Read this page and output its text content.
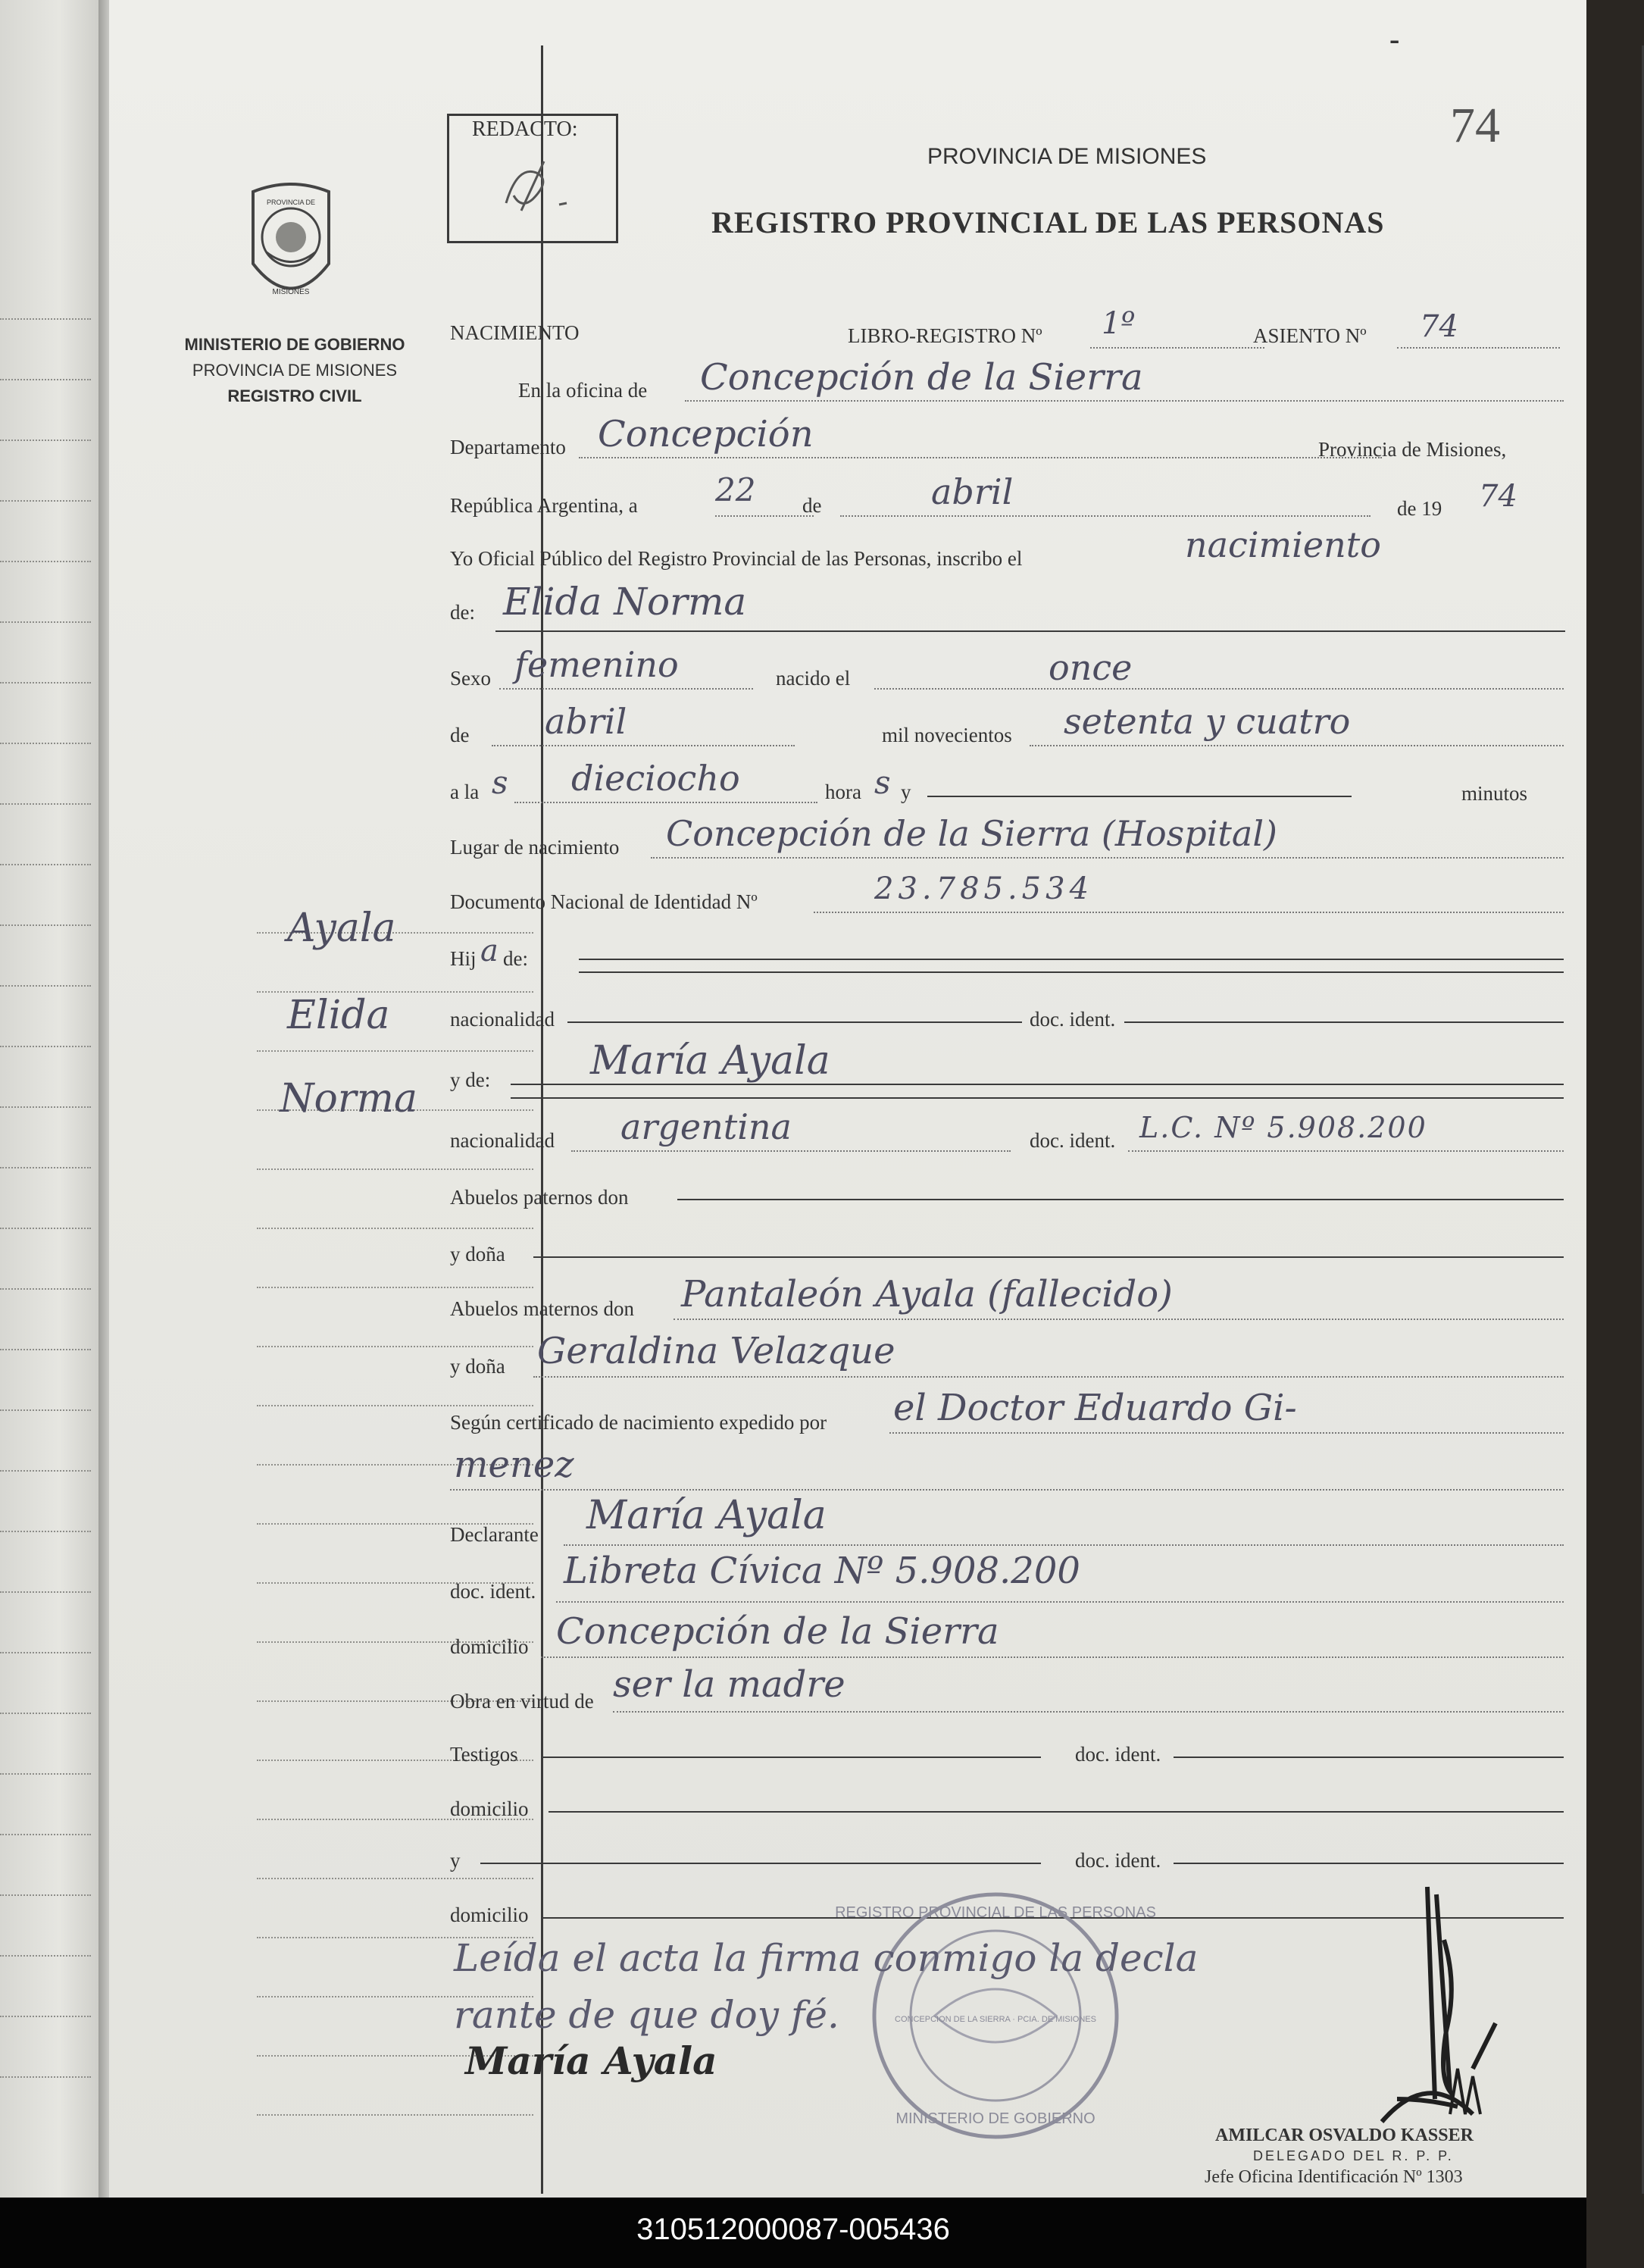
PROVINCIA DE
MISIONES
MINISTERIO DE GOBIERNO
PROVINCIA DE MISIONES
REGISTRO CIVIL
Ayala
Elida
Norma
REDACTO:
-
74
PROVINCIA DE MISIONES
REGISTRO PROVINCIAL DE LAS PERSONAS
NACIMIENTO	LIBRO-REGISTRO Nº 1º	ASIENTO Nº 74
En la oficina de Concepción de la Sierra
Departamento Concepción	Provincia de Misiones,
República Argentina, a 22 de	abril	de 19 74
Yo Oficial Público del Registro Provincial de las Personas, inscribo el	nacimiento
de: Elida Norma
Sexo femenino	nacido el	once
de abril	mil novecientos setenta y cuatro
a la s dieciocho	hora s y	minutos
Lugar de nacimiento Concepción de la Sierra (Hospital)
Documento Nacional de Identidad Nº	23.785.534
Hij a de:
nacionalidad	doc. ident.
y de:	María Ayala
nacionalidad argentina	doc. ident. L.C. Nº 5.908.200
Abuelos paternos don
y doña
Abuelos maternos don Pantaleón Ayala (fallecido)
y doña Geraldina Velazque
Según certificado de nacimiento expedido por el Doctor Eduardo Gi-
menez
Declarante María Ayala
doc. ident. Libreta Cívica Nº 5.908.200
domicilio Concepción de la Sierra
Obra en virtud de ser la madre
Testigos	doc. ident.
domicilio
y	doc. ident.
domicilio	REGISTRO PROVINCIAL DE LAS PERSONAS
CONCEPCION DE LA SIERRA · PCIA. DE MISIONES
MINISTERIO DE GOBIERNO
Leída el acta la firma conmigo la decla
rante de que doy fé.
María Ayala
AMILCAR OSVALDO KASSER
DELEGADO DEL R. P. P.
Jefe Oficina Identificación Nº 1303
310512000087-005436
